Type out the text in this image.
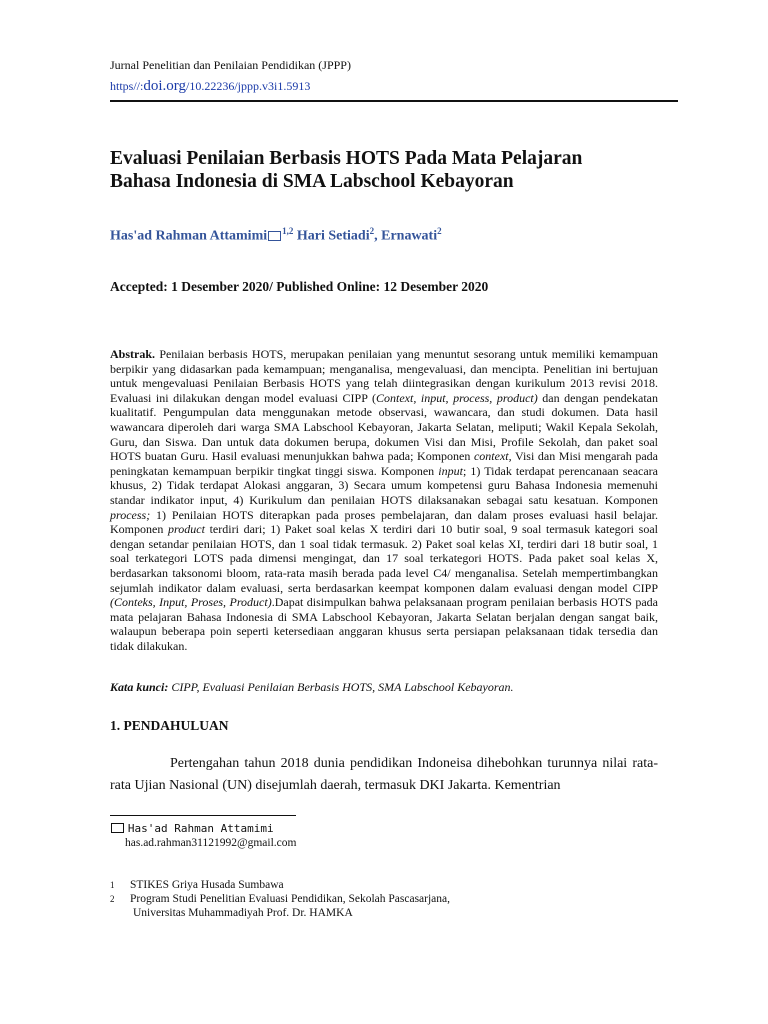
Jurnal Penelitian dan Penilaian Pendidikan (JPPP)
https//:doi.org/10.22236/jppp.v3i1.5913
Evaluasi Penilaian Berbasis HOTS Pada Mata Pelajaran
Bahasa Indonesia di SMA Labschool Kebayoran
Has'ad Rahman Attamimi $^{1,2}$ Hari Setiadi$^2$, Ernawati$^2$
Accepted: 1 Desember 2020/ Published Online: 12 Desember 2020
Abstrak. Penilaian berbasis HOTS, merupakan penilaian yang menuntut sesorang untuk memiliki kemampuan berpikir yang didasarkan pada kemampuan; menganalisa, mengevaluasi, dan mencipta. Penelitian ini bertujuan untuk mengevaluasi Penilaian Berbasis HOTS yang telah diintegrasikan dengan kurikulum 2013 revisi 2018. Evaluasi ini dilakukan dengan model evaluasi CIPP (Context, input, process, product) dan dengan pendekatan kualitatif. Pengumpulan data menggunakan metode observasi, wawancara, dan studi dokumen. Data hasil wawancara diperoleh dari warga SMA Labschool Kebayoran, Jakarta Selatan, meliputi; Wakil Kepala Sekolah, Guru, dan Siswa. Dan untuk data dokumen berupa, dokumen Visi dan Misi, Profile Sekolah, dan paket soal HOTS buatan Guru. Hasil evaluasi menunjukkan bahwa pada; Komponen context, Visi dan Misi mengarah pada peningkatan kemampuan berpikir tingkat tinggi siswa. Komponen input; 1) Tidak terdapat perencanaan seacara khusus, 2) Tidak terdapat Alokasi anggaran, 3) Secara umum kompetensi guru Bahasa Indonesia memenuhi standar indikator input, 4) Kurikulum dan penilaian HOTS dilaksanakan sebagai satu kesatuan. Komponen process; 1) Penilaian HOTS diterapkan pada proses pembelajaran, dan dalam proses evaluasi hasil belajar. Komponen product terdiri dari; 1) Paket soal kelas X terdiri dari 10 butir soal, 9 soal termasuk kategori soal dengan setandar penilaian HOTS, dan 1 soal tidak termasuk. 2) Paket soal kelas XI, terdiri dari 18 butir soal, 1 soal terkategori LOTS pada dimensi mengingat, dan 17 soal terkategori HOTS. Pada paket soal kelas X, berdasarkan taksonomi bloom, rata-rata masih berada pada level C4/ menganalisa. Setelah mempertimbangkan sejumlah indikator dalam evaluasi, serta berdasarkan keempat komponen dalam evaluasi dengan model CIPP (Conteks, Input, Proses, Product).Dapat disimpulkan bahwa pelaksanaan program penilaian berbasis HOTS pada mata pelajaran Bahasa Indonesia di SMA Labschool Kebayoran, Jakarta Selatan berjalan dengan sangat baik, walaupun beberapa poin seperti ketersediaan anggaran khusus serta persiapan pelaksanaan tidak tersedia dan tidak dilakukan.
Kata kunci: CIPP, Evaluasi Penilaian Berbasis HOTS, SMA Labschool Kebayoran.
1. PENDAHULUAN
Pertengahan tahun 2018 dunia pendidikan Indoneisa dihebohkan turunnya nilai rata-rata Ujian Nasional (UN) disejumlah daerah, termasuk DKI Jakarta. Kementrian
Has'ad Rahman Attamimi
has.ad.rahman31121992@gmail.com
1 STIKES Griya Husada Sumbawa
2 Program Studi Penelitian Evaluasi Pendidikan, Sekolah Pascasarjana,
Universitas Muhammadiyah Prof. Dr. HAMKA
